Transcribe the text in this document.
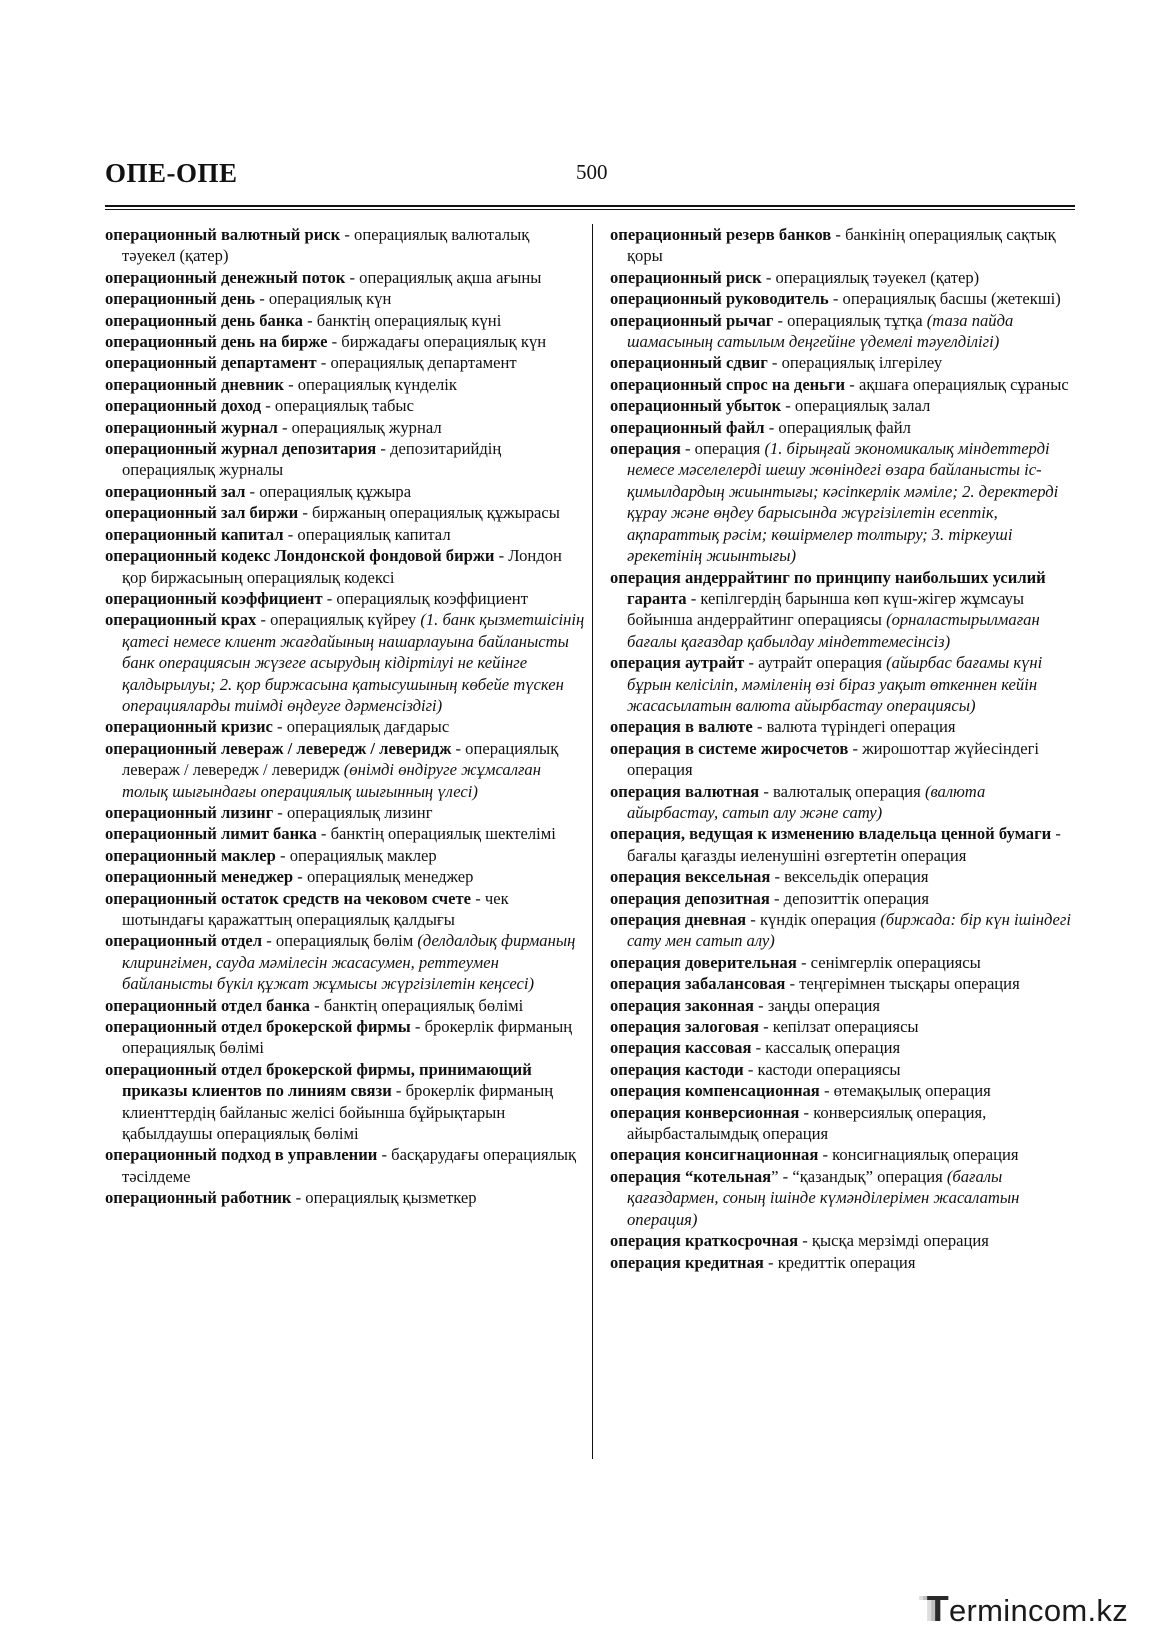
ОПЕ-ОПЕ	500

операционный валютный риск - операциялық валюталық тәуекел (қатер)

операционный денежный поток - операциялық ақша ағыны

операционный день - операциялық күн

операционный день банка - банктің операциялық күні

операционный день на бирже - биржадағы операциялық күн

операционный департамент - операциялық департамент

операционный дневник - операциялық күнделік

операционный доход - операциялық табыс

операционный журнал - операциялық журнал

операционный журнал депозитария - депозитарийдің операциялық журналы

операционный зал - операциялық құжыра

операционный зал биржи - биржаның операциялық құжырасы

операционный капитал - операциялық капитал

операционный кодекс Лондонской фондовой биржи - Лондон қор биржасының операциялық кодексі

операционный коэффициент - операциялық коэффициент

операционный крах - операциялық күйреу (1. банк қызметшісінің қатесі немесе клиент жағдайының нашарлауына байланысты банк операциясын жүзеге асырудың кідіртілуі не кейінге қалдырылуы; 2. қор биржасына қатысушының көбейе түскен операцияларды тиімді өңдеуге дәрменсіздігі)

операционный кризис - операциялық дағдарыс

операционный левераж / левередж / леверидж - операциялық левераж / левередж / леверидж (өнімді өндіруге жұмсалған толық шығындағы операциялық шығынның үлесі)

операционный лизинг - операциялық лизинг

операционный лимит банка - банктің операциялық шектелімі

операционный маклер - операциялық маклер

операционный менеджер - операциялық менеджер

операционный остаток средств на чековом счете - чек шотындағы қаражаттың операциялық қалдығы

операционный отдел - операциялық бөлім (делдалдық фирманың клирингімен, сауда мәмілесін жасасумен, реттеумен байланысты бүкіл құжат жұмысы жүргізілетін кеңсесі)

операционный отдел банка - банктің операциялық бөлімі

операционный отдел брокерской фирмы - брокерлік фирманың операциялық бөлімі

операционный отдел брокерской фирмы, принимающий приказы клиентов по линиям связи - брокерлік фирманың клиенттердің байланыс желісі бойынша бұйрықтарын қабылдаушы операциялық бөлімі

операционный подход в управлении - басқарудағы операциялық тәсілдеме

операционный работник - операциялық қызметкер

операционный резерв банков - банкінің операциялық сақтық қоры

операционный риск - операциялық тәуекел (қатер)

операционный руководитель - операциялық басшы (жетекші)

операционный рычаг - операциялық тұтқа (таза пайда шамасының сатылым деңгейіне үдемелі тәуелділігі)

операционный сдвиг - операциялық ілгерілеу

операционный спрос на деньги - ақшаға операциялық сұраныс

операционный убыток - операциялық залал

операционный файл - операциялық файл

операция - операция (1. бірыңғай экономикалық міндеттерді немесе мәселелерді шешу жөніндегі өзара байланысты іс-қимылдардың жиынтығы; кәсіпкерлік мәміле; 2. деректерді құрау және өңдеу барысында жүргізілетін есептік, ақпараттық рәсім; көшірмелер толтыру; 3. тіркеуші әрекетінің жиынтығы)

операция андеррайтинг по принципу наибольших усилий гаранта - кепілгердің барынша көп күш-жігер жұмсауы бойынша андеррайтинг операциясы (орналастырылмаған бағалы қағаздар қабылдау міндеттемесінсіз)

операция аутрайт - аутрайт операция (айырбас бағaмы күні бұрын келісіліп, мәміленің өзі біраз уақыт өткеннен кейін жасасылатын валюта айырбастау операциясы)

операция в валюте - валюта түріндегі операция

операция в системе жиросчетов - жирошоттар жүйесіндегі операция

операция валютная - валюталық операция (валюта айырбастау, сатып алу және сату)

операция, ведущая к изменению владельца ценной бумаги - бағалы қағазды иеленушіні өзгертетін операция

операция вексельная - вексельдік операция

операция депозитная - депозиттік операция

операция дневная - күндік операция (биржада: бір күн ішіндегі сату мен сатып алу)

операция доверительная - сенімгерлік операциясы

операция забалансовая - теңгерімнен тысқары операция

операция законная - заңды операция

операция залоговая - кепілзат операциясы

операция кассовая - кассалық операция

операция кастоди - кастоди операциясы

операция компенсационная - өтемақылық операция

операция конверсионная - конверсиялық операция, айырбасталымдық операция

операция консигнационная - консигнациялық операция

операция “котельная” - “қазандық” операция (бағалы қағаздармен, соның ішінде күмәнділерімен жасалатын операция)

операция краткосрочная - қысқа мерзімді операция

операция кредитная - кредиттік операция

Termincom.kz
